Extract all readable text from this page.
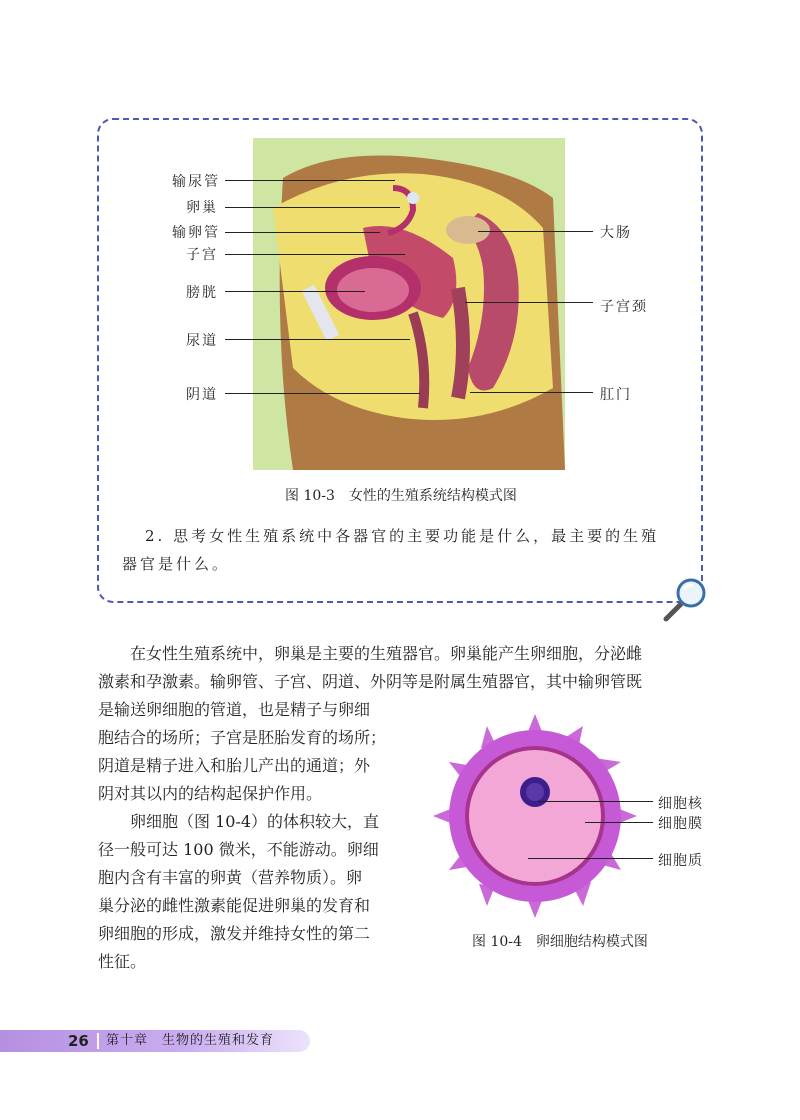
输尿管
卵巢
输卵管
子宫
膀胱
尿道
阴道
大肠
子宫颈
肛门
图 10-3　女性的生殖系统结构模式图
2. 思考女性生殖系统中各器官的主要功能是什么，最主要的生殖
器官是什么。
在女性生殖系统中，卵巢是主要的生殖器官。卵巢能产生卵细胞，分泌雌
激素和孕激素。输卵管、子宫、阴道、外阴等是附属生殖器官，其中输卵管既
是输送卵细胞的管道，也是精子与卵细
胞结合的场所；子宫是胚胎发育的场所；
阴道是精子进入和胎儿产出的通道；外
阴对其以内的结构起保护作用。
卵细胞（图 10-4）的体积较大，直
径一般可达 100 微米，不能游动。卵细
胞内含有丰富的卵黄（营养物质）。卵
巢分泌的雌性激素能促进卵巢的发育和
卵细胞的形成，激发并维持女性的第二
性征。
细胞核
细胞膜
细胞质
图 10-4　卵细胞结构模式图
26 第十章　生物的生殖和发育
